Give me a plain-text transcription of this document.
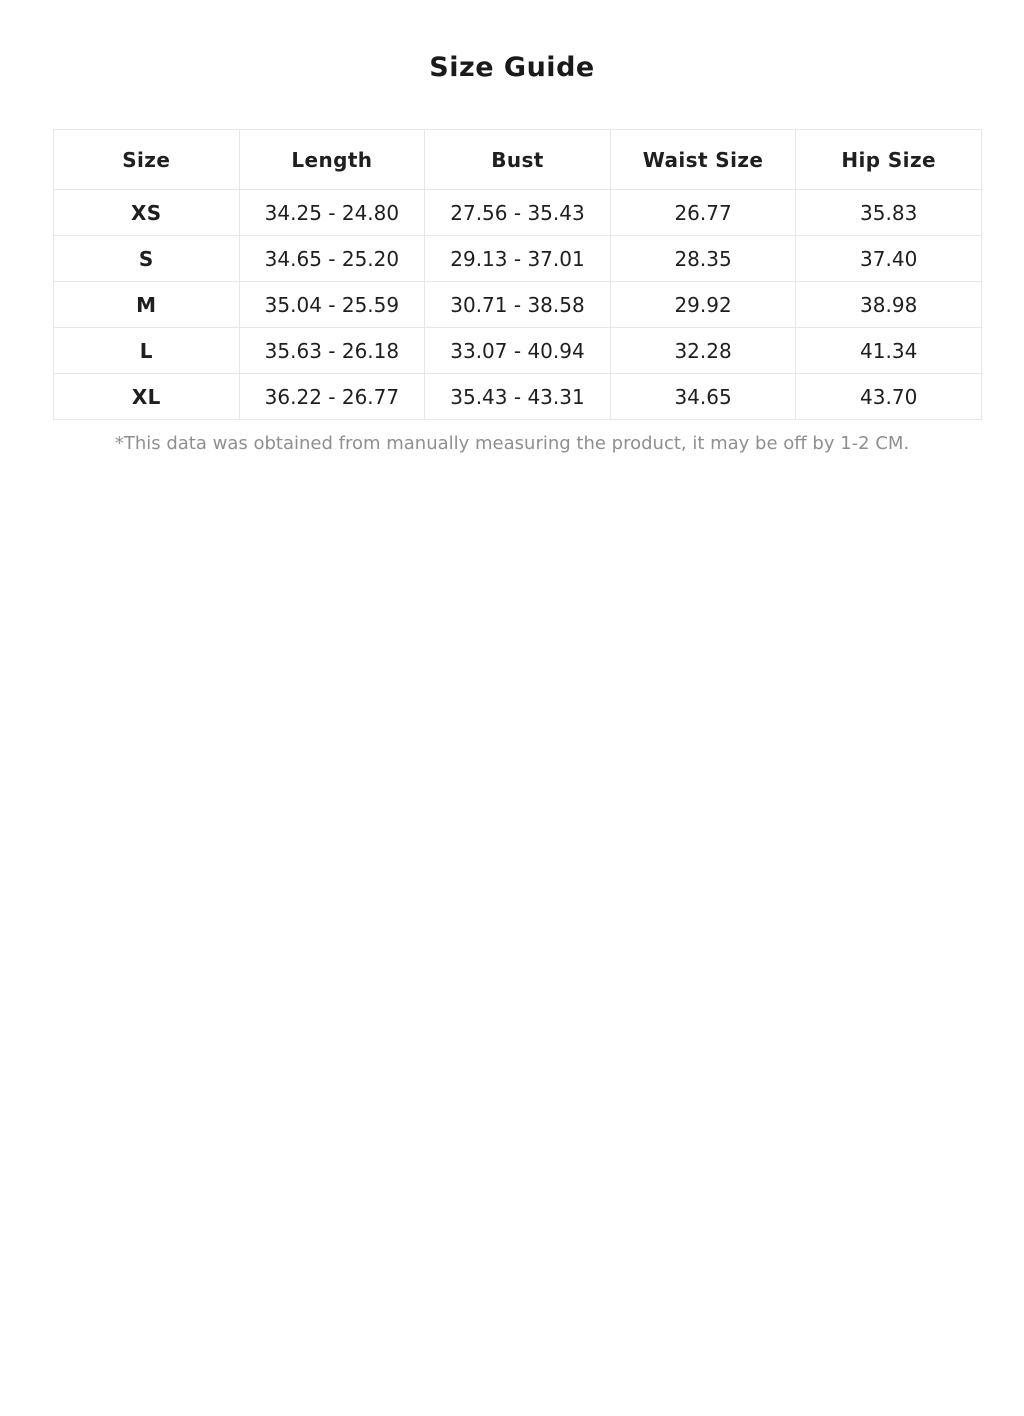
Size Guide
Size	Length	Bust	Waist Size	Hip Size
XS	34.25 - 24.80	27.56 - 35.43	26.77	35.83
S	34.65 - 25.20	29.13 - 37.01	28.35	37.40
M	35.04 - 25.59	30.71 - 38.58	29.92	38.98
L	35.63 - 26.18	33.07 - 40.94	32.28	41.34
XL	36.22 - 26.77	35.43 - 43.31	34.65	43.70

*This data was obtained from manually measuring the product, it may be off by 1-2 CM.
